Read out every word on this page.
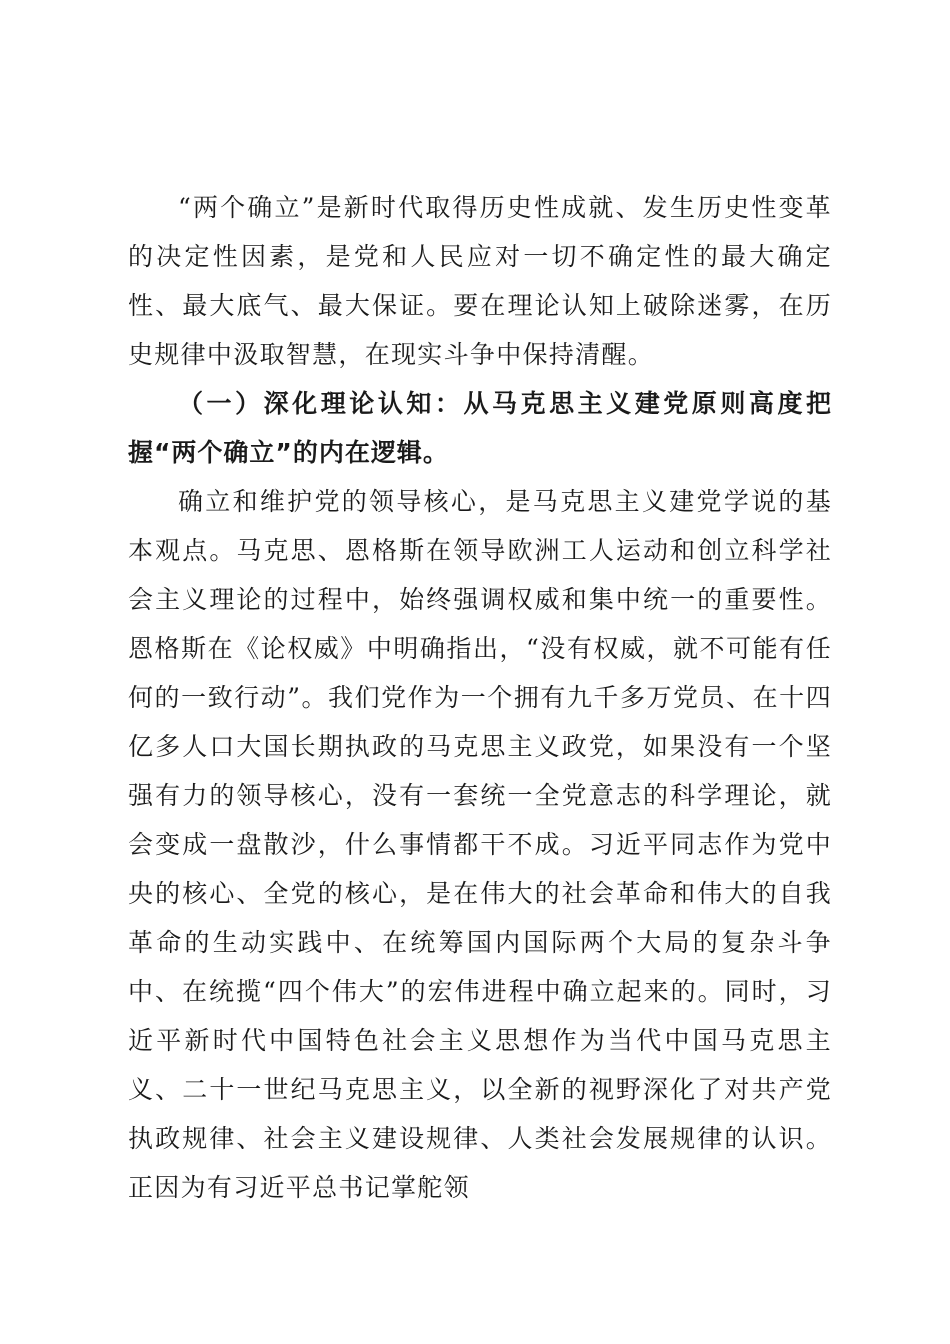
“两个确立”是新时代取得历史性成就、发生历史性变革的决定性因素，是党和人民应对一切不确定性的最大确定性、最大底气、最大保证。要在理论认知上破除迷雾，在历史规律中汲取智慧，在现实斗争中保持清醒。

（一）深化理论认知：从马克思主义建党原则高度把握“两个确立”的内在逻辑。

确立和维护党的领导核心，是马克思主义建党学说的基本观点。马克思、恩格斯在领导欧洲工人运动和创立科学社会主义理论的过程中，始终强调权威和集中统一的重要性。恩格斯在《论权威》中明确指出，“没有权威，就不可能有任何的一致行动”。我们党作为一个拥有九千多万党员、在十四亿多人口大国长期执政的马克思主义政党，如果没有一个坚强有力的领导核心，没有一套统一全党意志的科学理论，就会变成一盘散沙，什么事情都干不成。习近平同志作为党中央的核心、全党的核心，是在伟大的社会革命和伟大的自我革命的生动实践中、在统筹国内国际两个大局的复杂斗争中、在统揽“四个伟大”的宏伟进程中确立起来的。同时，习近平新时代中国特色社会主义思想作为当代中国马克思主义、二十一世纪马克思主义，以全新的视野深化了对共产党执政规律、社会主义建设规律、人类社会发展规律的认识。正因为有习近平总书记掌舵领
